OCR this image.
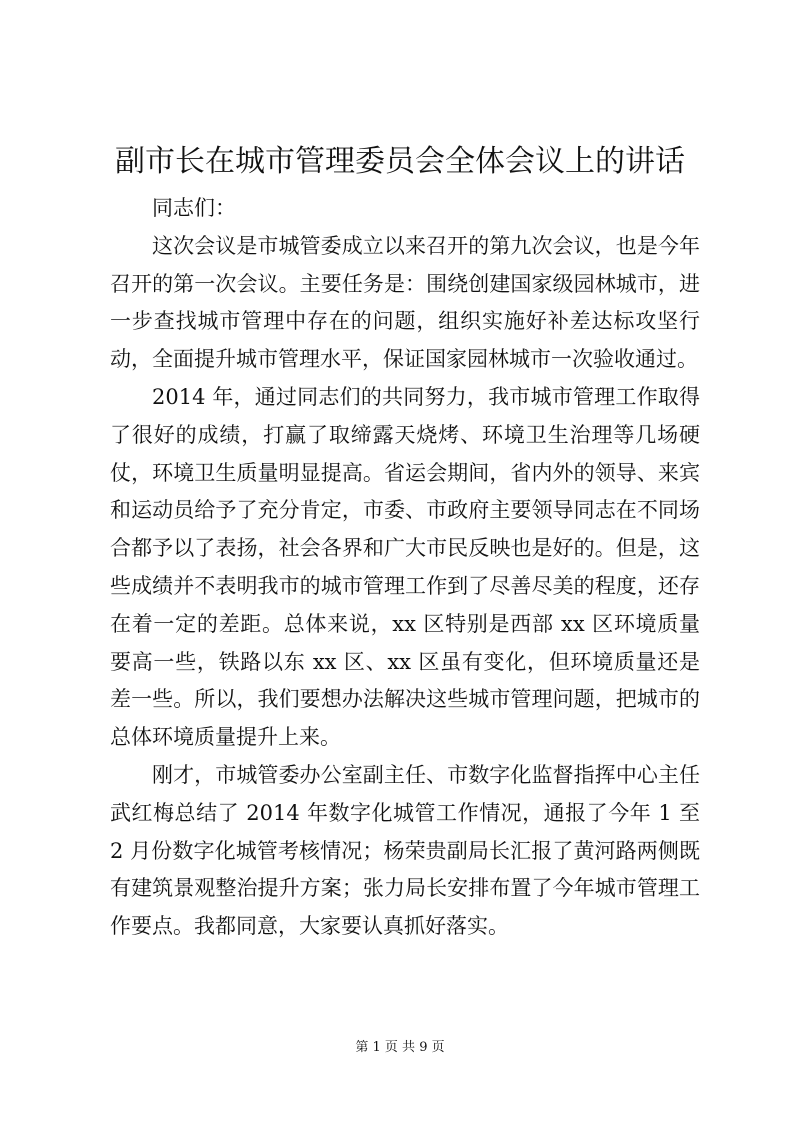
副市长在城市管理委员会全体会议上的讲话

同志们：

这次会议是市城管委成立以来召开的第九次会议，也是今年召开的第一次会议。主要任务是：围绕创建国家级园林城市，进一步查找城市管理中存在的问题，组织实施好补差达标攻坚行动，全面提升城市管理水平，保证国家园林城市一次验收通过。

2014 年，通过同志们的共同努力，我市城市管理工作取得了很好的成绩，打赢了取缔露天烧烤、环境卫生治理等几场硬仗，环境卫生质量明显提高。省运会期间，省内外的领导、来宾和运动员给予了充分肯定，市委、市政府主要领导同志在不同场合都予以了表扬，社会各界和广大市民反映也是好的。但是，这些成绩并不表明我市的城市管理工作到了尽善尽美的程度，还存在着一定的差距。总体来说，xx 区特别是西部 xx 区环境质量要高一些，铁路以东 xx 区、xx 区虽有变化，但环境质量还是差一些。所以，我们要想办法解决这些城市管理问题，把城市的总体环境质量提升上来。

刚才，市城管委办公室副主任、市数字化监督指挥中心主任武红梅总结了 2014 年数字化城管工作情况，通报了今年 1 至 2 月份数字化城管考核情况；杨荣贵副局长汇报了黄河路两侧既有建筑景观整治提升方案；张力局长安排布置了今年城市管理工作要点。我都同意，大家要认真抓好落实。

第 1 页 共 9 页
